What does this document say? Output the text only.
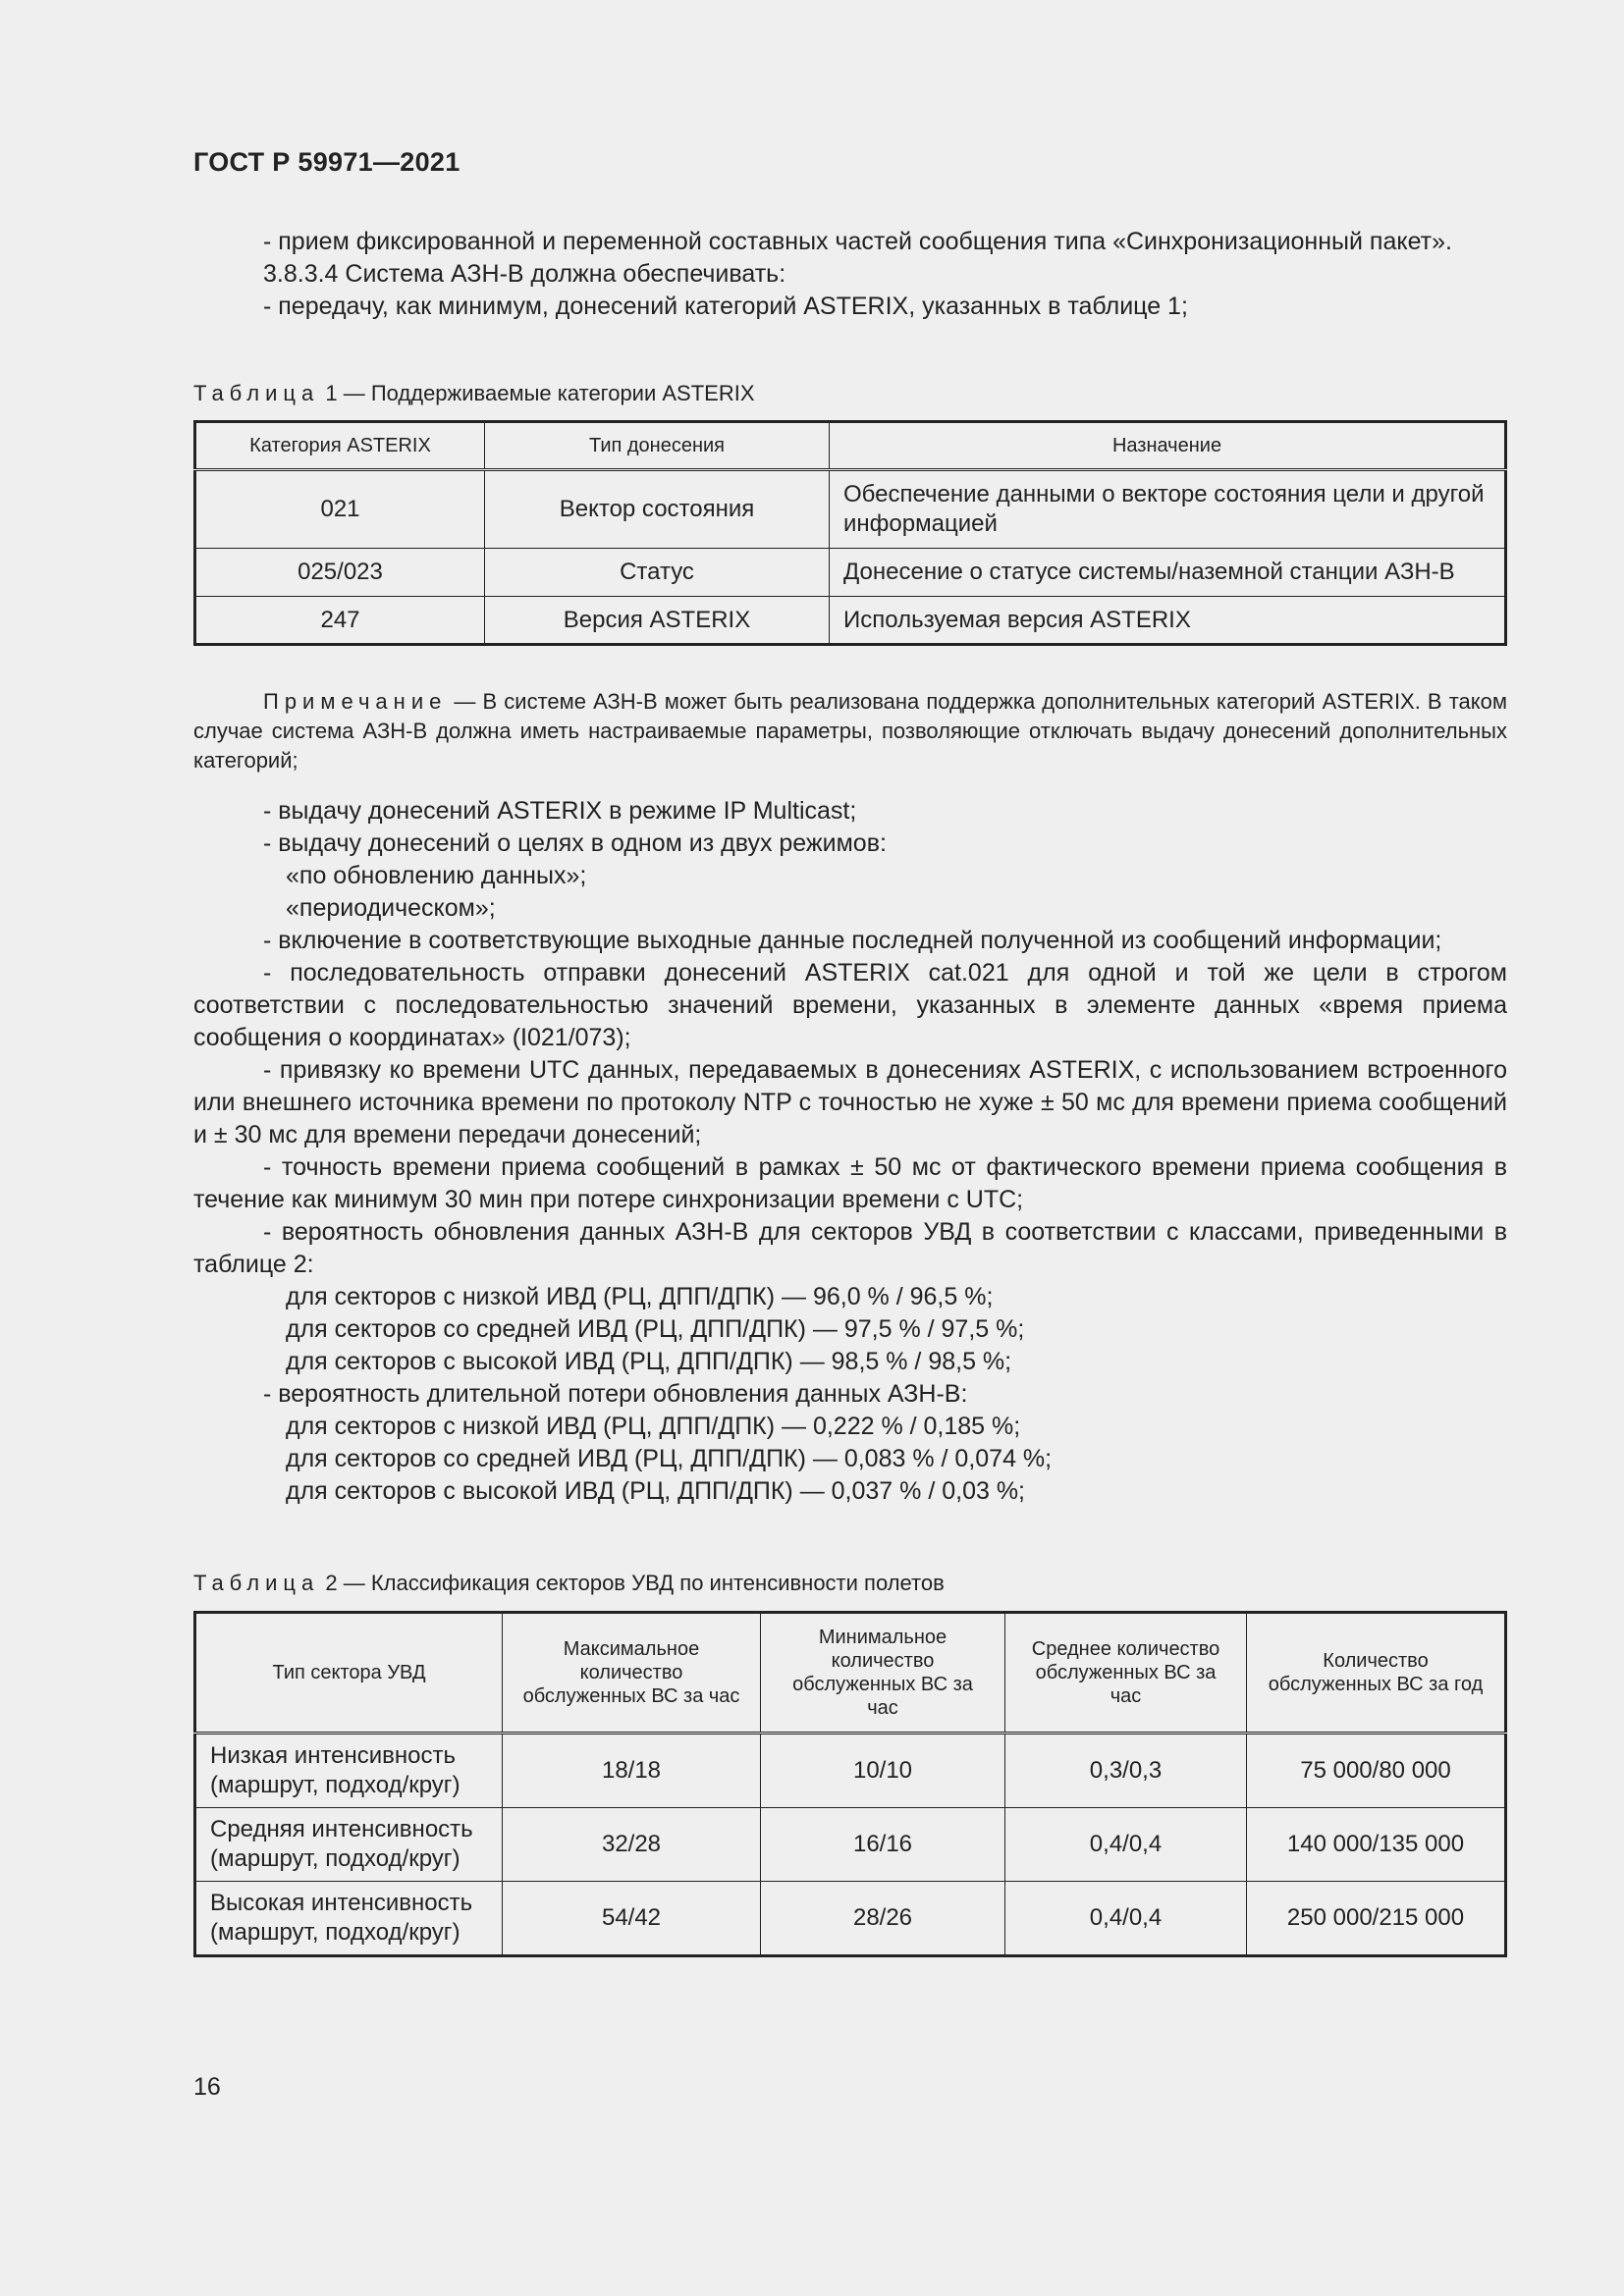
ГОСТ Р 59971—2021

- прием фиксированной и переменной составных частей сообщения типа «Синхронизационный пакет».

3.8.3.4 Система АЗН-В должна обеспечивать:

- передачу, как минимум, донесений категорий ASTERIX, указанных в таблице 1;

Таблица 1 — Поддерживаемые категории ASTERIX
Категория ASTERIX	Тип донесения	Назначение
021	Вектор состояния	Обеспечение данными о векторе состояния цели и другой информацией
025/023	Статус	Донесение о статусе системы/наземной станции АЗН-В
247	Версия ASTERIX	Используемая версия ASTERIX

Примечание — В системе АЗН-В может быть реализована поддержка дополнительных категорий ASTERIX. В таком случае система АЗН-В должна иметь настраиваемые параметры, позволяющие отключать выдачу донесений дополнительных категорий;

- выдачу донесений ASTERIX в режиме IP Multicast;

- выдачу донесений о целях в одном из двух режимов:

«по обновлению данных»;

«периодическом»;

- включение в соответствующие выходные данные последней полученной из сообщений информации;

- последовательность отправки донесений ASTERIX cat.021 для одной и той же цели в строгом соответствии с последовательностью значений времени, указанных в элементе данных «время приема сообщения о координатах» (I021/073);

- привязку ко времени UTC данных, передаваемых в донесениях ASTERIX, с использованием встроенного или внешнего источника времени по протоколу NTP с точностью не хуже ± 50 мс для времени приема сообщений и ± 30 мс для времени передачи донесений;

- точность времени приема сообщений в рамках ± 50 мс от фактического времени приема сообщения в течение как минимум 30 мин при потере синхронизации времени с UTC;

- вероятность обновления данных АЗН-В для секторов УВД в соответствии с классами, приведенными в таблице 2:

для секторов с низкой ИВД (РЦ, ДПП/ДПК) — 96,0 % / 96,5 %;

для секторов со средней ИВД (РЦ, ДПП/ДПК) — 97,5 % / 97,5 %;

для секторов с высокой ИВД (РЦ, ДПП/ДПК) — 98,5 % / 98,5 %;

- вероятность длительной потери обновления данных АЗН-В:

для секторов с низкой ИВД (РЦ, ДПП/ДПК) — 0,222 % / 0,185 %;

для секторов со средней ИВД (РЦ, ДПП/ДПК) — 0,083 % / 0,074 %;

для секторов с высокой ИВД (РЦ, ДПП/ДПК) — 0,037 % / 0,03 %;

Таблица 2 — Классификация секторов УВД по интенсивности полетов
Тип сектора УВД	Максимальное количество обслуженных ВС за час	Минимальное количество обслуженных ВС за час	Среднее количество обслуженных ВС за час	Количество обслуженных ВС за год
Низкая интенсивность (маршрут, подход/круг)	18/18	10/10	0,3/0,3	75 000/80 000
Средняя интенсивность (маршрут, подход/круг)	32/28	16/16	0,4/0,4	140 000/135 000
Высокая интенсивность (маршрут, подход/круг)	54/42	28/26	0,4/0,4	250 000/215 000
16
